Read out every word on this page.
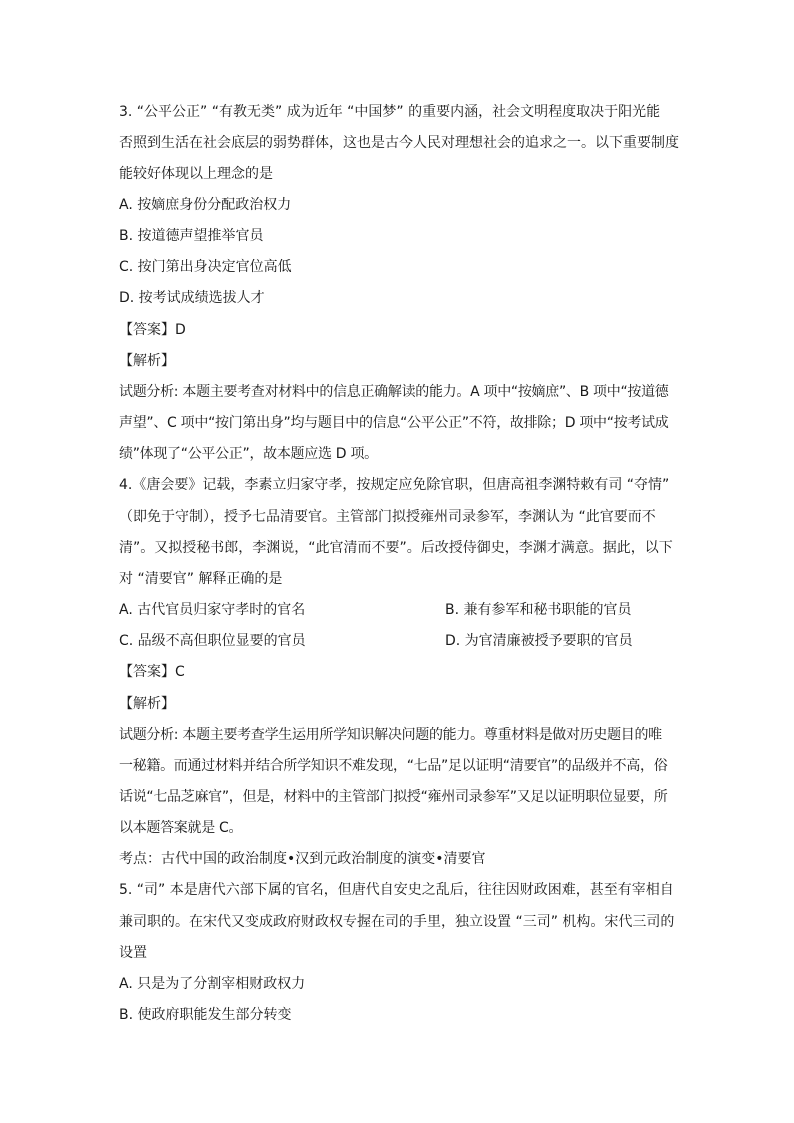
3. “公平公正” “有教无类” 成为近年 “中国梦” 的重要内涵，社会文明程度取决于阳光能
否照到生活在社会底层的弱势群体，这也是古今人民对理想社会的追求之一。以下重要制度
能较好体现以上理念的是
A. 按嫡庶身份分配政治权力
B. 按道德声望推举官员
C. 按门第出身决定官位高低
D. 按考试成绩选拔人才
【答案】D
【解析】
试题分析: 本题主要考查对材料中的信息正确解读的能力。A 项中“按嫡庶”、B 项中“按道德
声望”、C 项中“按门第出身”均与题目中的信息“公平公正”不符，故排除；D 项中“按考试成
绩”体现了“公平公正”，故本题应选 D 项。
4.《唐会要》记载，李素立归家守孝，按规定应免除官职，但唐高祖李渊特敕有司 “夺情”
（即免于守制），授予七品清要官。主管部门拟授雍州司录参军，李渊认为 “此官要而不
清”。又拟授秘书郎，李渊说，“此官清而不要”。后改授侍御史，李渊才满意。据此，以下
对 “清要官” 解释正确的是
A. 古代官员归家守孝时的官名	B. 兼有参军和秘书职能的官员
C. 品级不高但职位显要的官员	D. 为官清廉被授予要职的官员
【答案】C
【解析】
试题分析: 本题主要考查学生运用所学知识解决问题的能力。尊重材料是做对历史题目的唯
一秘籍。而通过材料并结合所学知识不难发现，“七品”足以证明“清要官”的品级并不高，俗
话说“七品芝麻官”，但是，材料中的主管部门拟授“雍州司录参军”又足以证明职位显要，所
以本题答案就是 C。
考点：古代中国的政治制度•汉到元政治制度的演变•清要官
5. “司” 本是唐代六部下属的官名，但唐代自安史之乱后，往往因财政困难，甚至有宰相自
兼司职的。在宋代又变成政府财政权专握在司的手里，独立设置 “三司” 机构。宋代三司的
设置
A. 只是为了分割宰相财政权力
B. 使政府职能发生部分转变
